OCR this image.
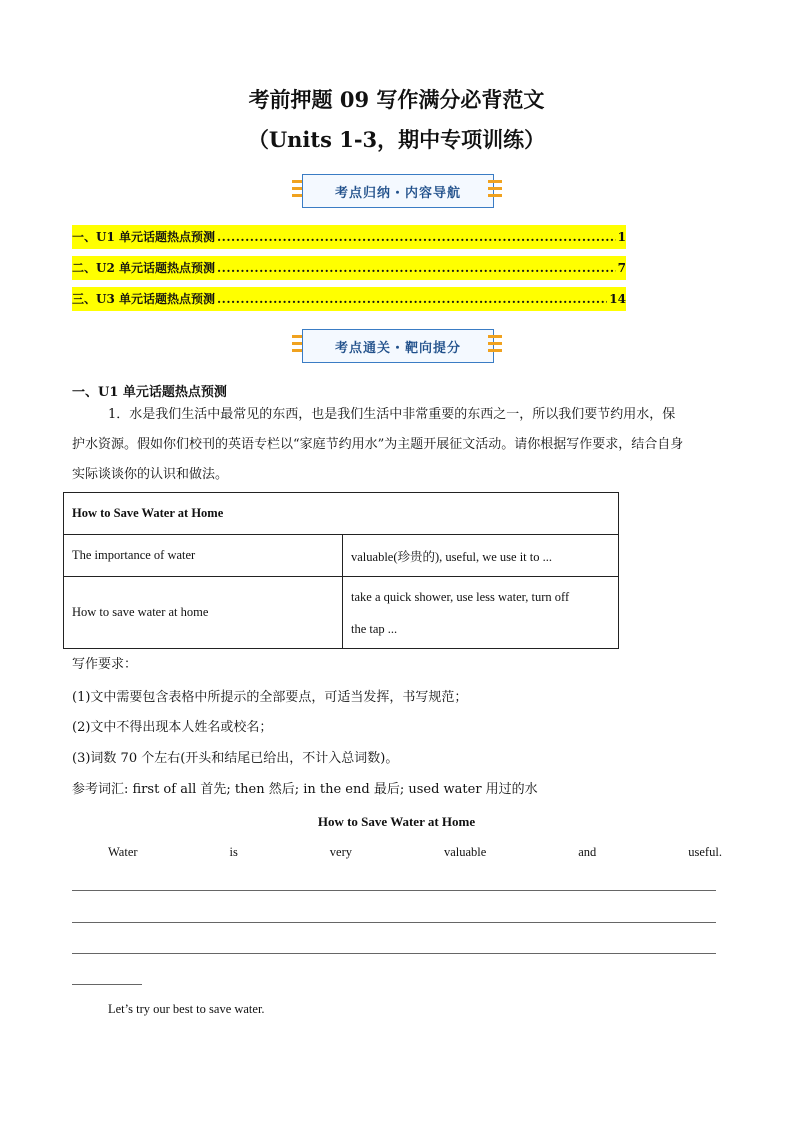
考前押题 09 写作满分必背范文
（Units 1-3，期中专项训练）
考点归纳・内容导航
一、U1 单元话题热点预测 .....	1
二、U2 单元话题热点预测 .....	7
三、U3 单元话题热点预测 .....	14
考点通关・靶向提分
一、U1 单元话题热点预测
1．水是我们生活中最常见的东西，也是我们生活中非常重要的东西之一，所以我们要节约用水，保
护水资源。假如你们校刊的英语专栏以“家庭节约用水”为主题开展征文活动。请你根据写作要求，结合自身
实际谈谈你的认识和做法。
How to Save Water at Home	
The importance of water	valuable(珍贵的), useful, we use it to ...
How to save water at home	take a quick shower, use less water, turn off
the tap ...
写作要求：
(1)文中需要包含表格中所提示的全部要点，可适当发挥，书写规范；
(2)文中不得出现本人姓名或校名；
(3)词数 70 个左右(开头和结尾已给出，不计入总词数)。
参考词汇: first of all 首先; then 然后; in the end 最后; used water 用过的水
How to Save Water at Home
Water	is	very	valuable	and	useful.
Let’s try our best to save water.
